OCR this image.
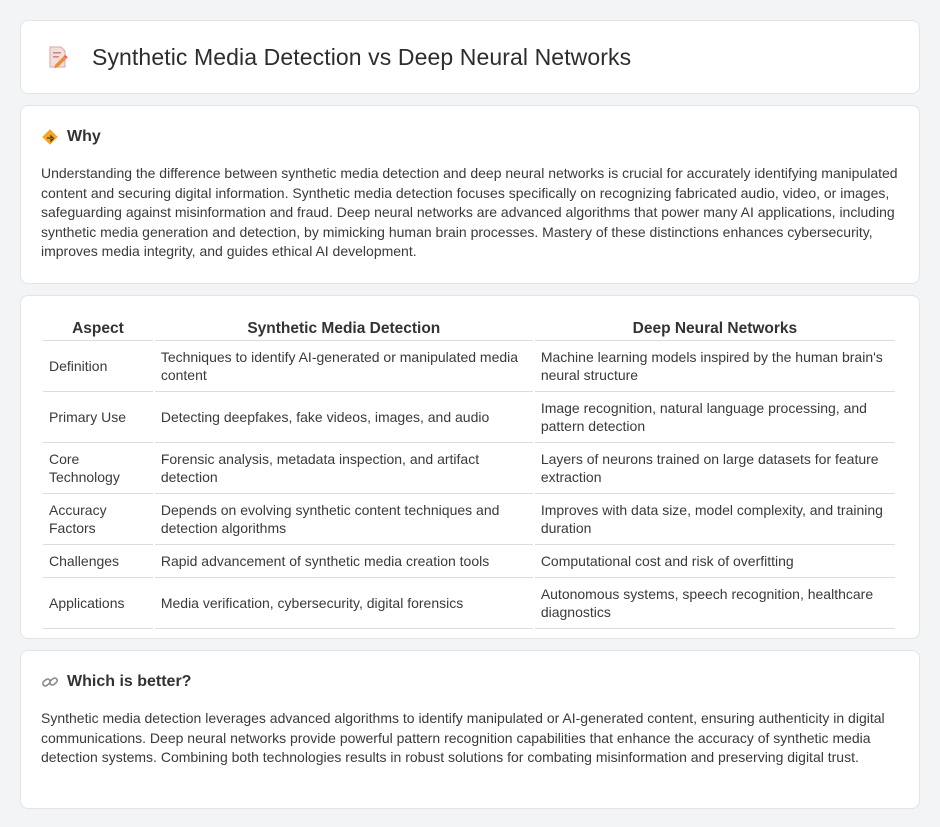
Synthetic Media Detection vs Deep Neural Networks
Why

Understanding the difference between synthetic media detection and deep neural networks is crucial for accurately identifying manipulated content and securing digital information. Synthetic media detection focuses specifically on recognizing fabricated audio, video, or images, safeguarding against misinformation and fraud. Deep neural networks are advanced algorithms that power many AI applications, including synthetic media generation and detection, by mimicking human brain processes. Mastery of these distinctions enhances cybersecurity, improves media integrity, and guides ethical AI development.

Aspect	Synthetic Media Detection	Deep Neural Networks
Definition	Techniques to identify AI-generated or manipulated media content	Machine learning models inspired by the human brain's neural structure
Primary Use	Detecting deepfakes, fake videos, images, and audio	Image recognition, natural language processing, and pattern detection
Core Technology	Forensic analysis, metadata inspection, and artifact detection	Layers of neurons trained on large datasets for feature extraction
Accuracy Factors	Depends on evolving synthetic content techniques and detection algorithms	Improves with data size, model complexity, and training duration
Challenges	Rapid advancement of synthetic media creation tools	Computational cost and risk of overfitting
Applications	Media verification, cybersecurity, digital forensics	Autonomous systems, speech recognition, healthcare diagnostics
Which is better?

Synthetic media detection leverages advanced algorithms to identify manipulated or AI-generated content, ensuring authenticity in digital communications. Deep neural networks provide powerful pattern recognition capabilities that enhance the accuracy of synthetic media detection systems. Combining both technologies results in robust solutions for combating misinformation and preserving digital trust.
